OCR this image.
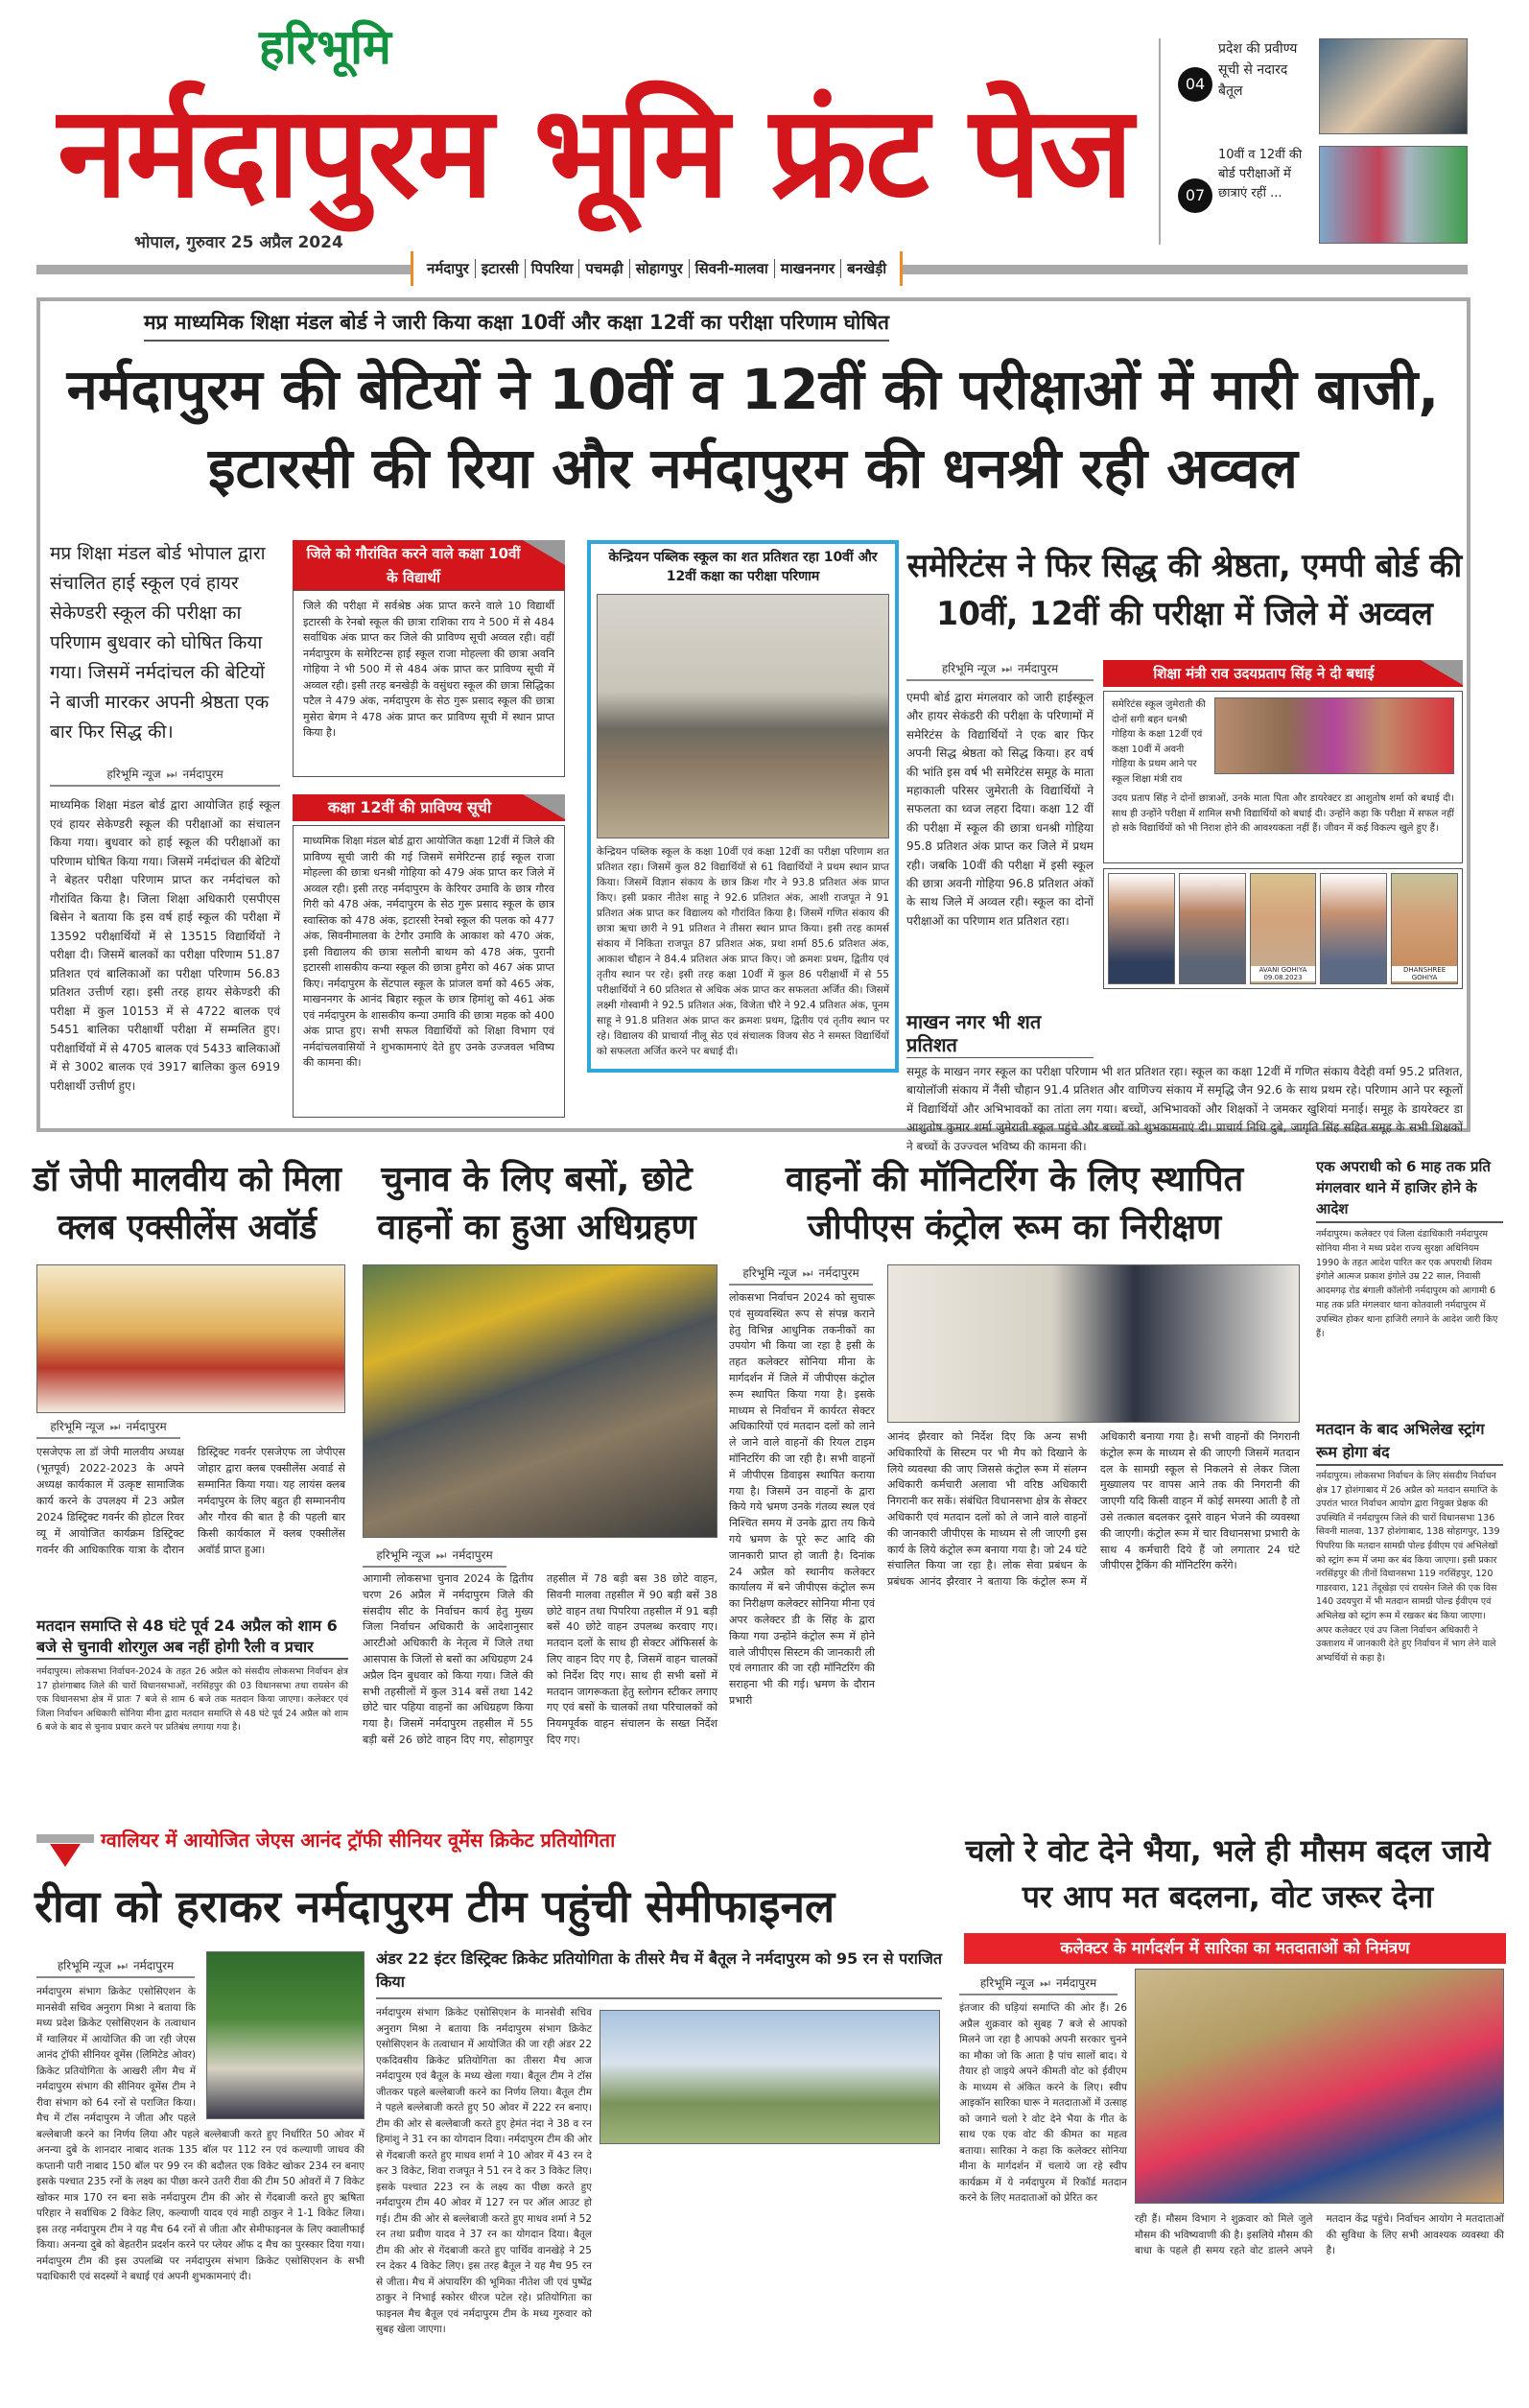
हरिभूमि
नर्मदापुरम भूमि फ्रंट पेज
भोपाल, गुरुवार 25 अप्रैल 2024
04
प्रदेश की प्रवीण्य सूची से नदारद बैतूल
07
10वीं व 12वीं की बोर्ड परीक्षाओं में छात्राएं रहीं ...
नर्मदापुर इटारसी पिपरिया पचमढ़ी सोहागपुर सिवनी-मालवा माखननगर बनखेड़ी
मप्र माध्यमिक शिक्षा मंडल बोर्ड ने जारी किया कक्षा 10वीं और कक्षा 12वीं का परीक्षा परिणाम घोषित
नर्मदापुरम की बेटियों ने 10वीं व 12वीं की परीक्षाओं में मारी बाजी, इटारसी की रिया और नर्मदापुरम की धनश्री रही अव्वल
मप्र शिक्षा मंडल बोर्ड भोपाल द्वारा संचालित हाई स्कूल एवं हायर सेकेण्डरी स्कूल की परीक्षा का परिणाम बुधवार को घोषित किया गया। जिसमें नर्मदांचल की बेटियों ने बाजी मारकर अपनी श्रेष्ठता एक बार फिर सिद्ध की।
हरिभूमि न्यूज ⏭ नर्मदापुरम
माध्यमिक शिक्षा मंडल बोर्ड द्वारा आयोजित हाई स्कूल एवं हायर सेकेण्डरी स्कूल की परीक्षाओं का संचालन किया गया। बुधवार को हाई स्कूल की परीक्षाओं का परिणाम घोषित किया गया। जिसमें नर्मदांचल की बेटियों ने बेहतर परीक्षा परिणाम प्राप्त कर नर्मदांचल को गौरांवित किया है। जिला शिक्षा अधिकारी एसपीएस बिसेन ने बताया कि इस वर्ष हाई स्कूल की परीक्षा में 13592 परीक्षार्थियों में से 13515 विद्यार्थियों ने परीक्षा दी। जिसमें बालकों का परीक्षा परिणाम 51.87 प्रतिशत एवं बालिकाओं का परीक्षा परिणाम 56.83 प्रतिशत उत्तीर्ण रहा। इसी तरह हायर सेकेण्डरी की परीक्षा में कुल 10153 में से 4722 बालक एवं 5451 बालिका परीक्षार्थी परीक्षा में सम्मलित हुए। परीक्षार्थियों में से 4705 बालक एवं 5433 बालिकाओं में से 3002 बालक एवं 3917 बालिका कुल 6919 परीक्षार्थी उत्तीर्ण हुए।
जिले को गौरांवित करने वाले कक्षा 10वीं के विद्यार्थी
जिले की परीक्षा में सर्वश्रेष्ठ अंक प्राप्त करने वाले 10 विद्यार्थी इटारसी के रेनबो स्कूल की छात्रा राशिका राय ने 500 में से 484 सर्वाधिक अंक प्राप्त कर जिले की प्राविण्य सूची अव्वल रही। वहीं नर्मदापुरम के समेरिटन्स हाई स्कूल राजा मोहल्ला की छात्रा अवनि गोहिया ने भी 500 में से 484 अंक प्राप्त कर प्राविण्य सूची में अव्वल रही। इसी तरह बनखेड़ी के वसुंधरा स्कूल की छात्रा सिद्धिका पटैल ने 479 अंक, नर्मदापुरम के सेठ गुरू प्रसाद स्कूल की छात्रा मुसेरा बेगम ने 478 अंक प्राप्त कर प्राविण्य सूची में स्थान प्राप्त किया है।
कक्षा 12वीं की प्राविण्य सूची
माध्यमिक शिक्षा मंडल बोर्ड द्वारा आयोजित कक्षा 12वीं में जिले की प्राविण्य सूची जारी की गई जिसमें समेरिटन्स हाई स्कूल राजा मोहल्ला की छात्रा धनश्री गोहिया को 479 अंक प्राप्त कर जिले में अव्वल रही। इसी तरह नर्मदापुरम के केरियर उमावि के छात्र गौरव गिरी को 478 अंक, नर्मदापुरम के सेठ गुरू प्रसाद स्कूल के छात्र स्वास्तिक को 478 अंक, इटारसी रेनबो स्कूल की पलक को 477 अंक, सिवनीमालवा के टेगौर उमावि के आकाश को 470 अंक, इसी विद्यालय की छात्रा सलौनी बाथम को 478 अंक, पुरानी इटारसी शासकीय कन्या स्कूल की छात्रा हुमैरा को 467 अंक प्राप्त किए। नर्मदापुरम के सेंटपाल स्कूल के प्रांजल वर्मा को 465 अंक, माखननगर के आनंद बिहार स्कूल के छात्र हिमांशु को 461 अंक एवं नर्मदापुरम के शासकीय कन्या उमावि की छात्रा महक को 400 अंक प्राप्त हुए। सभी सफल विद्यार्थियों को शिक्षा विभाग एवं नर्मदांचलवासियों ने शुभकामनाएं देते हुए उनके उज्जवल भविष्य की कामना की।
केन्द्रियन पब्लिक स्कूल का शत प्रतिशत रहा 10वीं और 12वीं कक्षा का परीक्षा परिणाम
केन्द्रियन पब्लिक स्कूल के कक्षा 10वीं एवं कक्षा 12वीं का परीक्षा परिणाम शत प्रतिशत रहा। जिसमें कुल 82 विद्यार्थियों से 61 विद्यार्थियों ने प्रथम स्थान प्राप्त किया। जिसमें विज्ञान संकाय के छात्र क्रिश गौर ने 93.8 प्रतिशत अंक प्राप्त किए। इसी प्रकार नीतेश साहू ने 92.6 प्रतिशत अंक, आशी राजपूत ने 91 प्रतिशत अंक प्राप्त कर विद्यालय को गौरांवित किया है। जिसमें गणित संकाय की छात्रा ऋचा छारी ने 91 प्रतिशत ने तीसरा स्थान प्राप्त किया। इसी तरह कामर्स संकाय में निकिता राजपूत 87 प्रतिशत अंक, प्रथा शर्मा 85.6 प्रतिशत अंक, आकाश चौहान ने 84.4 प्रतिशत अंक प्राप्त किए। जो क्रमशः प्रथम, द्वितीय एवं तृतीय स्थान पर रहे। इसी तरह कक्षा 10वीं में कुल 86 परीक्षार्थी में से 55 परीक्षार्थियों ने 60 प्रतिशत से अधिक अंक प्राप्त कर सफलता अर्जित की। जिसमें लक्ष्मी गोस्वामी ने 92.5 प्रतिशत अंक, विजेता चौरे ने 92.4 प्रतिशत अंक, पूनम साहू ने 91.8 प्रतिशत अंक प्राप्त कर क्रमशः प्रथम, द्वितीय एवं तृतीय स्थान पर रहे। विद्यालय की प्राचार्या नीलू सेठ एवं संचालक विजय सेठ ने समस्त विद्यार्थियों को सफलता अर्जित करने पर बधाई दी।
समेरिटंस ने फिर सिद्ध की श्रेष्ठता, एमपी बोर्ड की 10वीं, 12वीं की परीक्षा में जिले में अव्वल
हरिभूमि न्यूज ⏭ नर्मदापुरम
एमपी बोर्ड द्वारा मंगलवार को जारी हाईस्कूल और हायर सेकंडरी की परीक्षा के परिणामों में समेरिटंस के विद्यार्थियों ने एक बार फिर अपनी सिद्ध श्रेष्ठता को सिद्ध किया। हर वर्ष की भांति इस वर्ष भी समेरिटंस समूह के माता महाकाली परिसर जुमेराती के विद्यार्थियों ने सफलता का ध्वज लहरा दिया। कक्षा 12 वीं की परीक्षा में स्कूल की छात्रा धनश्री गोहिया 95.8 प्रतिशत अंक प्राप्त कर जिले में प्रथम रही। जबकि 10वीं की परीक्षा में इसी स्कूल की छात्रा अवनी गोहिया 96.8 प्रतिशत अंकों के साथ जिले में अव्वल रही। स्कूल का दोनों परीक्षाओं का परिणाम शत प्रतिशत रहा।
माखन नगर भी शत प्रतिशत
समूह के माखन नगर स्कूल का परीक्षा परिणाम भी शत प्रतिशत रहा। स्कूल का कक्षा 12वीं में गणित संकाय वैदेही वर्मा 95.2 प्रतिशत, बायोलॉजी संकाय में नैंसी चौहान 91.4 प्रतिशत और वाणिज्य संकाय में समृद्धि जैन 92.6 के साथ प्रथम रहे। परिणाम आने पर स्कूलों में विद्यार्थियों और अभिभावकों का तांता लग गया। बच्चों, अभिभावकों और शिक्षकों ने जमकर खुशियां मनाई। समूह के डायरेक्टर डा आशुतोष कुमार शर्मा जुमेराती स्कूल पहुंचे और बच्चों को शुभकामनाएं दी। प्राचार्य निधि दुबे, जागृति सिंह सहित समूह के सभी शिक्षकों ने बच्चों के उज्ज्वल भविष्य की कामना की।
शिक्षा मंत्री राव उदयप्रताप सिंह ने दी बधाई
समेरिटंस स्कूल जुमेराती की दोनों सगी बहन धनश्री गोहिया के कक्षा 12वीं एवं कक्षा 10वीं में अवनी गोहिया के प्रथम आने पर स्कूल शिक्षा मंत्री राव
उदय प्रताप सिंह ने दोनों छात्राओं, उनके माता पिता और डायरेक्टर डा आशुतोष शर्मा को बधाई दी। साथ ही उन्होंने परीक्षा में शामिल सभी विद्यार्थियों को बधाई दी। उन्होंने कहा कि परीक्षा में सफल नहीं हो सके विद्यार्थियों को भी निराश होने की आवश्यकता नहीं हैं। जीवन में कई विकल्प खुले हुए हैं।
AVANI GOHIYA 09.08.2023
DHANSHREE GOHIYA
डॉ जेपी मालवीय को मिला क्लब एक्सीलेंस अवॉर्ड
हरिभूमि न्यूज ⏭ नर्मदापुरम
एसजेएफ ला डॉ जेपी मालवीय अध्यक्ष (भूतपूर्व) 2022-2023 के अपने अध्यक्ष कार्यकाल में उत्कृष्ट सामाजिक कार्य करने के उपलक्ष्य में 23 अप्रैल 2024 डिस्ट्रिक्ट गवर्नर की होटल रिवर व्यू में आयोजित कार्यक्रम डिस्ट्रिक्ट गवर्नर की आधिकारिक यात्रा के दौरान डिस्ट्रिक्ट गवर्नर एसजेएफ ला जेपीएस जोहार द्वारा क्लब एक्सीलेंस अवार्ड से सम्मानित किया गया। यह लायंस क्लब नर्मदापुरम के लिए बहुत ही सम्माननीय और गौरव की बात है की पहली बार किसी कार्यकाल में क्लब एक्सीलेंस अवॉर्ड प्राप्त हुआ।
मतदान समाप्ति से 48 घंटे पूर्व 24 अप्रैल को शाम 6 बजे से चुनावी शोरगुल अब नहीं होगी रैली व प्रचार
नर्मदापुरम। लोकसभा निर्वाचन-2024 के तहत 26 अप्रैल को संसदीय लोकसभा निर्वाचन क्षेत्र 17 होशंगाबाद जिले की चारों विधानसभाओं, नरसिंहपुर की 03 विधानसभा तथा रायसेन की एक विधानसभा क्षेत्र में प्रातः 7 बजे से शाम 6 बजे तक मतदान किया जाएगा। कलेक्टर एवं जिला निर्वाचन अधिकारी सोनिया मीना द्वारा मतदान समाप्ति से 48 घंटे पूर्व 24 अप्रैल को शाम 6 बजे के बाद से चुनाव प्रचार करने पर प्रतिबंध लगाया गया है।
चुनाव के लिए बसों, छोटे वाहनों का हुआ अधिग्रहण
हरिभूमि न्यूज ⏭ नर्मदापुरम
आगामी लोकसभा चुनाव 2024 के द्वितीय चरण 26 अप्रैल में नर्मदापुरम जिले की संसदीय सीट के निर्वाचन कार्य हेतु मुख्य जिला निर्वाचन अधिकारी के आदेशानुसार आरटीओ अधिकारी के नेतृत्व में जिले तथा आसपास के जिलों से बसों का अधिग्रहण 24 अप्रैल दिन बुधवार को किया गया। जिले की सभी तहसीलों में कुल 314 बसें तथा 142 छोटे चार पहिया वाहनों का अधिग्रहण किया गया है। जिसमें नर्मदापुरम तहसील में 55 बड़ी बसें 26 छोटे वाहन दिए गए, सोहागपुर तहसील में 78 बड़ी बस 38 छोटे वाहन, सिवनी मालवा तहसील में 90 बड़ी बसें 38 छोटे वाहन तथा पिपरिया तहसील में 91 बड़ी बसें 40 छोटे वाहन उपलब्ध करवाए गए। मतदान दलों के साथ ही सेक्टर ऑफिसर्स के लिए वाहन दिए गए है, जिसमें वाहन चालकों को निर्देश दिए गए। साथ ही सभी बसों में मतदान जागरूकता हेतु स्लोगन स्टीकर लगाए गए एवं बसों के चालकों तथा परिचालकों को नियमपूर्वक वाहन संचालन के सख्त निर्देश दिए गए।
वाहनों की मॉनिटरिंग के लिए स्थापित जीपीएस कंट्रोल रूम का निरीक्षण
हरिभूमि न्यूज ⏭ नर्मदापुरम
लोकसभा निर्वाचन 2024 को सुचारू एवं सुव्यवस्थित रूप से संपन्न कराने हेतु विभिन्न आधुनिक तकनीकों का उपयोग भी किया जा रहा है इसी के तहत कलेक्टर सोनिया मीना के मार्गदर्शन में जिले में जीपीएस कंट्रोल रूम स्थापित किया गया है। इसके माध्यम से निर्वाचन में कार्यरत सेक्टर अधिकारियों एवं मतदान दलों को लाने ले जाने वाले वाहनों की रियल टाइम मॉनिटरिंग की जा रही है। सभी वाहनों में जीपीएस डिवाइस स्थापित कराया गया है। जिसमें उन वाहनों के द्वारा किये गये भ्रमण उनके गंतव्य स्थल एवं निश्चित समय में उनके द्वारा तय किये गये भ्रमण के पूरे रूट आदि की जानकारी प्राप्त हो जाती है। दिनांक 24 अप्रैल को स्थानीय कलेक्टर कार्यालय में बने जीपीएस कंट्रोल रूम का निरीक्षण कलेक्टर सोनिया मीना एवं अपर कलेक्टर डी के सिंह के द्वारा किया गया उन्होंने कंट्रोल रूम में होने वाले जीपीएस सिस्टम की जानकारी ली एवं लगातार की जा रही मॉनिटरिंग की सराहना भी की गई। भ्रमण के दौरान प्रभारी
आनंद झैरवार को निर्देश दिए कि अन्य सभी अधिकारियों के सिस्टम पर भी मैप को दिखाने के लिये व्यवस्था की जाए जिससे कंट्रोल रूम में संलग्न अधिकारी कर्मचारी अलावा भी वरिष्ठ अधिकारी निगरानी कर सकें। संबंधित विधानसभा क्षेत्र के सेक्टर अधिकारी एवं मतदान दलों को ले जाने वाले वाहनों की जानकारी जीपीएस के माध्यम से ली जाएगी इस कार्य के लिये कंट्रोल रूम बनाया गया है। जो 24 घंटे संचालित किया जा रहा है। लोक सेवा प्रबंधन के प्रबंधक आनंद झैरवार ने बताया कि कंट्रोल रूम में अधिकारी बनाया गया है। सभी वाहनों की निगरानी कंट्रोल रूम के माध्यम से की जाएगी जिसमें मतदान दल के सामग्री स्कूल से निकलने से लेकर जिला मुख्यालय पर वापस आने तक की निगरानी की जाएगी यदि किसी वाहन में कोई समस्या आती है तो उसे तत्काल बदलकर दूसरे वाहन भेजने की व्यवस्था की जाएगी। कंट्रोल रूम में चार विधानसभा प्रभारी के साथ 4 कर्मचारी दिये हैं जो लगातार 24 घंटे जीपीएस ट्रैकिंग की मॉनिटरिंग करेंगे।
एक अपराधी को 6 माह तक प्रति मंगलवार थाने में हाजिर होने के आदेश
नर्मदापुरम। कलेक्टर एवं जिला दंडाधिकारी नर्मदापुरम सोनिया मीना ने मध्य प्रदेश राज्य सुरक्षा अधिनियम 1990 के तहत आदेश पारित कर एक अपराधी शिवम इंगोले आत्मज प्रकाश इंगोले उम्र 22 साल, निवासी आदमगढ़ रोड बंगाली कॉलोनी नर्मदापुरम को आगामी 6 माह तक प्रति मंगलवार थाना कोतवाली नर्मदापुरम में उपस्थित होकर थाना हाजिरी लगाने के आदेश जारी किए हैं।
मतदान के बाद अभिलेख स्ट्रांग रूम होगा बंद
नर्मदापुरम। लोकसभा निर्वाचन के लिए संसदीय निर्वाचन क्षेत्र 17 होशंगाबाद में 26 अप्रैल को मतदान समाप्ति के उपरांत भारत निर्वाचन आयोग द्वारा नियुक्त प्रेक्षक की उपस्थिति में नर्मदापुरम जिले की चारों विधानसभा 136 सिवनी मालवा, 137 होशंगाबाद, 138 सोहागपुर, 139 पिपरिया कि मतदान सामग्री पोल्ड ईवीएम एवं अभिलेखों को स्ट्रांग रूम में जमा कर बंद किया जाएगा। इसी प्रकार नरसिंहपुर की तीनों विधानसभा 119 नरसिंहपुर, 120 गाडरवारा, 121 तेंदूखेड़ा एवं रायसेन जिले की एक विस 140 उदयपुरा में भी मतदान सामग्री पोल्ड ईवीएम एवं अभिलेख को स्ट्रांग रूम में रखकर बंद किया जाएगा। अपर कलेक्टर एवं उप जिला निर्वाचन अधिकारी ने उक्ताशय में जानकारी देते हुए निर्वाचन में भाग लेने वाले अभ्यर्थियों से कहा है।
ग्वालियर में आयोजित जेएस आनंद ट्रॉफी सीनियर वूमेंस क्रिकेट प्रतियोगिता
रीवा को हराकर नर्मदापुरम टीम पहुंची सेमीफाइनल
हरिभूमि न्यूज ⏭ नर्मदापुरम
नर्मदापुरम संभाग क्रिकेट एसोसिएशन के मानसेवी सचिव अनुराग मिश्रा ने बताया कि मध्य प्रदेश क्रिकेट एसोसिएशन के तत्वाधान में ग्वालियर में आयोजित की जा रही जेएस आनंद ट्रॉफी सीनियर वूमेंस (लिमिटेड ओवर) क्रिकेट प्रतियोगिता के आखरी लीग मैच में नर्मदापुरम संभाग की सीनियर वूमेंस टीम ने रीवा संभाग को 64 रनों से पराजित किया। मैच में टॉस नर्मदापुरम ने जीता और पहले बल्लेबाजी करने का निर्णय लिया और पहले बल्लेबाजी करते हुए निर्धारित 50 ओवर में अनन्या दुबे के शानदार नाबाद शतक 135 बॉल पर 112 रन एवं कल्याणी जाधव की कप्तानी पारी नाबाद 150 बॉल पर 99 रन की बदौलत एक विकेट खोकर 234 रन बनाए इसके पश्चात 235 रनों के लक्ष्य का पीछा करने उतरी रीवा की टीम 50 ओवरों में 7 विकेट खोकर मात्र 170 रन बना सके नर्मदापुरम टीम की ओर से गेंदबाजी करते हुए ऋषिता परिहार ने सर्वाधिक 2 विकेट लिए, कल्याणी यादव एवं माही ठाकुर ने 1-1 विकेट लिया। इस तरह नर्मदापुरम टीम ने यह मैच 64 रनों से जीता और सेमीफाइनल के लिए क्वालीफाई किया। अनन्या दुबे को बेहतरीन प्रदर्शन करने पर प्लेयर ऑफ द मैच का पुरस्कार दिया गया। नर्मदापुरम टीम की इस उपलब्धि पर नर्मदापुरम संभाग क्रिकेट एसोसिएशन के सभी पदाधिकारी एवं सदस्यों ने बधाई एवं अपनी शुभकामनाएं दी।
अंडर 22 इंटर डिस्ट्रिक्ट क्रिकेट प्रतियोगिता के तीसरे मैच में बैतूल ने नर्मदापुरम को 95 रन से पराजित किया
नर्मदापुरम संभाग क्रिकेट एसोसिएशन के मानसेवी सचिव अनुराग मिश्रा ने बताया कि नर्मदापुरम संभाग क्रिकेट एसोसिएशन के तत्वाधान में आयोजित की जा रही अंडर 22 एकदिवसीय क्रिकेट प्रतियोगिता का तीसरा मैच आज नर्मदापुरम एवं बैतूल के मध्य खेला गया। बैतूल टीम ने टॉस जीतकर पहले बल्लेबाजी करने का निर्णय लिया। बैतूल टीम ने पहले बल्लेबाजी करते हुए 50 ओवर में 222 रन बनाए। टीम की ओर से बल्लेबाजी करते हुए हेमंत नंदा ने 38 व रन हिमांशु ने 31 रन का योगदान दिया। नर्मदापुरम टीम की ओर से गेंदबाजी करते हुए माधव शर्मा ने 10 ओवर में 43 रन दे कर 3 विकेट, शिवा राजपूत ने 51 रन दे कर 3 विकेट लिए। इसके पश्चात 223 रन के लक्ष्य का पीछा करते हुए नर्मदापुरम टीम 40 ओवर में 127 रन पर ऑल आउट हो गई। टीम की ओर से बल्लेबाजी करते हुए माधव शर्मा ने 52 रन तथा प्रवीण यादव ने 37 रन का योगदान दिया। बैतूल टीम की ओर से गेंदबाजी करते हुए पार्थिव वानखेड़े ने 25 रन देकर 4 विकेट लिए। इस तरह बैतूल ने यह मैच 95 रन से जीता। मैच में अंपायरिंग की भूमिका नीतेश जी एवं पुष्पेंद्र ठाकुर ने निभाई स्कोरर धीरज पटेल रहे। प्रतियोगिता का फाइनल मैच बैतूल एवं नर्मदापुरम टीम के मध्य गुरुवार को सुबह खेला जाएगा।
चलो रे वोट देने भैया, भले ही मौसम बदल जाये पर आप मत बदलना, वोट जरूर देना
कलेक्टर के मार्गदर्शन में सारिका का मतदाताओं को निमंत्रण
हरिभूमि न्यूज ⏭ नर्मदापुरम
इंतजार की घड़ियां समाप्ति की ओर हैं। 26 अप्रैल शुक्रवार को सुबह 7 बजे से आपको मिलने जा रहा है आपको अपनी सरकार चुनने का मौका जो कि आता है पांच सालों बाद। ये तैयार हो जाइये अपने कीमती वोट को ईवीएम के माध्यम से अंकित करने के लिए। स्वीप आइकॉन सारिका घारू ने मतदाताओं में उत्साह को जगाने चलो रे वोट देने भैया के गीत के साथ एक एक वोट की कीमत का महत्व बताया। सारिका ने कहा कि कलेक्टर सोनिया मीना के मार्गदर्शन में चलाये जा रहे स्वीप कार्यक्रम में ये नर्मदापुरम में रिकॉर्ड मतदान करने के लिए मतदाताओं को प्रेरित कर
रही हैं। मौसम विभाग ने शुक्रवार को मिले जुले मौसम की भविष्यवाणी की है। इसलिये मौसम की बाधा के पहले ही समय रहते वोट डालने अपने मतदान केंद्र पहुंचे। निर्वाचन आयोग ने मतदाताओं की सुविधा के लिए सभी आवश्यक व्यवस्था की है।
